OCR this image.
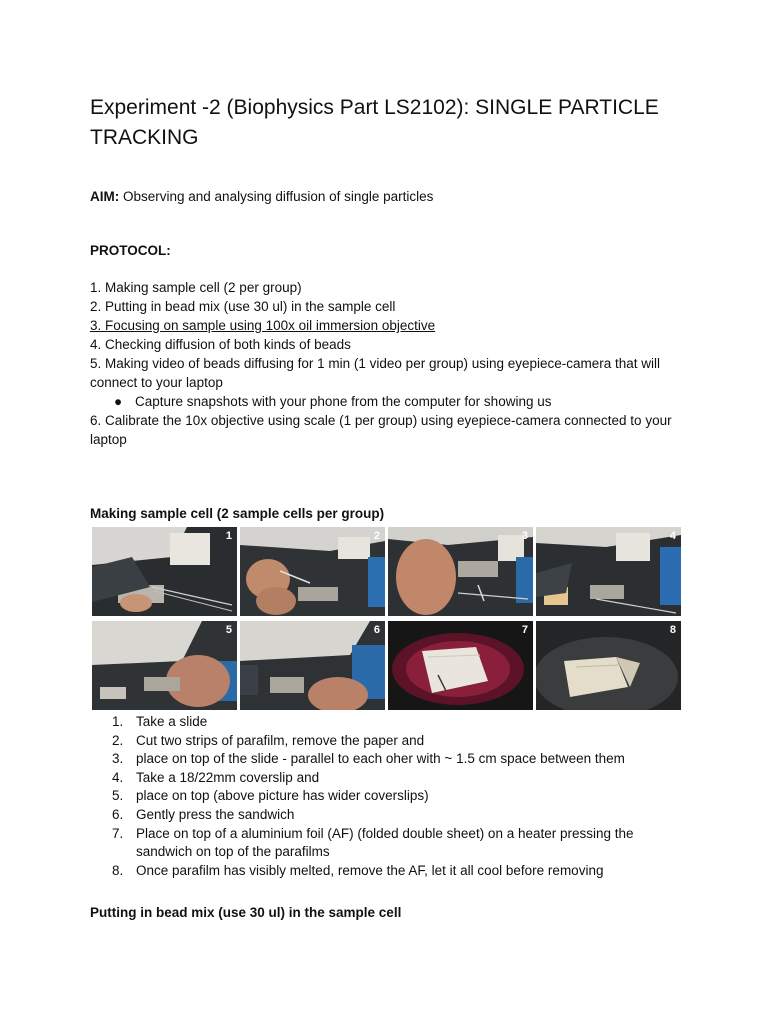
Experiment -2 (Biophysics Part LS2102): SINGLE PARTICLE TRACKING
AIM: Observing and analysing diffusion of single particles
PROTOCOL:

1. Making sample cell (2 per group)

2. Putting in bead mix (use 30 ul) in the sample cell

3. Focusing on sample using 100x oil immersion objective

4. Checking diffusion of both kinds of beads

5. Making video of beads diffusing for 1 min (1 video per group) using eyepiece-camera that will connect to your laptop

● Capture snapshots with your phone from the computer for showing us

6. Calibrate the 10x objective using scale (1 per group) using eyepiece-camera connected to your laptop

Making sample cell (2 sample cells per group)
1	2	3	4
5	6	7	8
1. Take a slide
2. Cut two strips of parafilm, remove the paper and
3. place on top of the slide - parallel to each oher with ~ 1.5 cm space between them
4. Take a 18/22mm coverslip and
5. place on top (above picture has wider coverslips)
6. Gently press the sandwich
7. Place on top of a aluminium foil (AF) (folded double sheet) on a heater pressing the sandwich on top of the parafilms
8. Once parafilm has visibly melted, remove the AF, let it all cool before removing
Putting in bead mix (use 30 ul) in the sample cell
